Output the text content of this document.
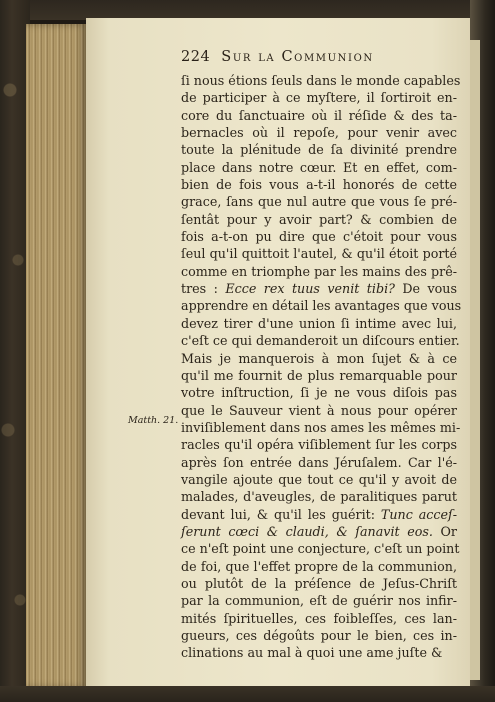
224 Sur la Communion
Matth. 21.
ſi nous étions ſeuls dans le monde capables
de participer à ce myſtere, il ſortiroit en-
core du ſanctuaire où il réſide & des ta-
bernacles où il repoſe, pour venir avec
toute la plénitude de ſa divinité prendre
place dans notre cœur. Et en effet, com-
bien de fois vous a-t-il honorés de cette
grace, ſans que nul autre que vous ſe pré-
ſentât pour y avoir part? & combien de
fois a-t-on pu dire que c'étoit pour vous
ſeul qu'il quittoit l'autel, & qu'il étoit porté
comme en triomphe par les mains des prê-
tres : Ecce rex tuus venit tibi? De vous
apprendre en détail les avantages que vous
devez tirer d'une union ſi intime avec lui,
c'eſt ce qui demanderoit un diſcours entier.
Mais je manquerois à mon ſujet & à ce
qu'il me fournit de plus remarquable pour
votre inſtruction, ſi je ne vous diſois pas
que le Sauveur vient à nous pour opérer
inviſiblement dans nos ames les mêmes mi-
racles qu'il opéra viſiblement ſur les corps
après ſon entrée dans Jéruſalem. Car l'é-
vangile ajoute que tout ce qu'il y avoit de
malades, d'aveugles, de paralitiques parut
devant lui, & qu'il les guérit: Tunc acceſ-
ſerunt cœci & claudi, & ſanavit eos. Or
ce n'eſt point une conjecture, c'eſt un point
de foi, que l'effet propre de la communion,
ou plutôt de la préſence de Jeſus-Chriſt
par la communion, eſt de guérir nos infir-
mités ſpirituelles, ces foibleſſes, ces lan-
gueurs, ces dégoûts pour le bien, ces in-
clinations au mal à quoi une ame juſte &
